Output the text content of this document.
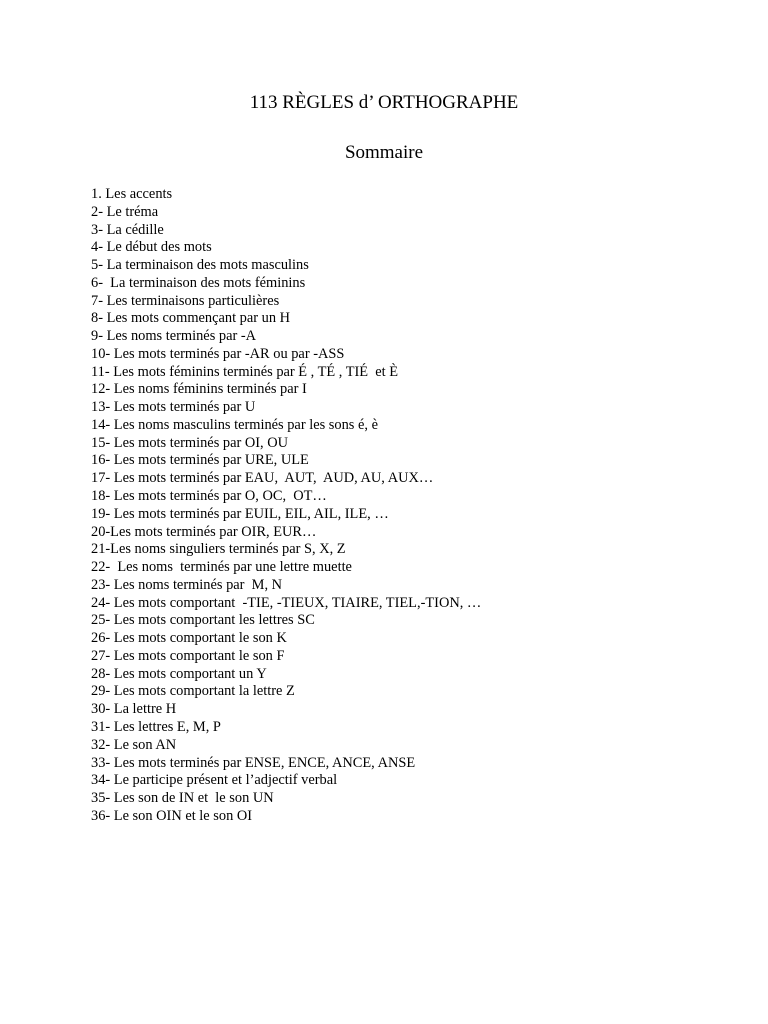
113 RÈGLES d’ ORTHOGRAPHE
Sommaire
1. Les accents
2- Le tréma
3- La cédille
4- Le début des mots
5- La terminaison des mots masculins
6-  La terminaison des mots féminins
7- Les terminaisons particulières
8- Les mots commençant par un H
9- Les noms terminés par -A
10- Les mots terminés par -AR ou par -ASS
11- Les mots féminins terminés par É , TÉ , TIÉ  et È
12- Les noms féminins terminés par I
13- Les mots terminés par U
14- Les noms masculins terminés par les sons é, è
15- Les mots terminés par OI, OU
16- Les mots terminés par URE, ULE
17- Les mots terminés par EAU,  AUT,  AUD, AU, AUX…
18- Les mots terminés par O, OC,  OT…
19- Les mots terminés par EUIL, EIL, AIL, ILE, …
20-Les mots terminés par OIR, EUR…
21-Les noms singuliers terminés par S, X, Z
22-  Les noms  terminés par une lettre muette
23- Les noms terminés par  M, N
24- Les mots comportant  -TIE, -TIEUX, TIAIRE, TIEL,-TION, …
25- Les mots comportant les lettres SC
26- Les mots comportant le son K
27- Les mots comportant le son F
28- Les mots comportant un Y
29- Les mots comportant la lettre Z
30- La lettre H
31- Les lettres E, M, P
32- Le son AN
33- Les mots terminés par ENSE, ENCE, ANCE, ANSE
34- Le participe présent et l’adjectif verbal
35- Les son de IN et  le son UN
36- Le son OIN et le son OI
